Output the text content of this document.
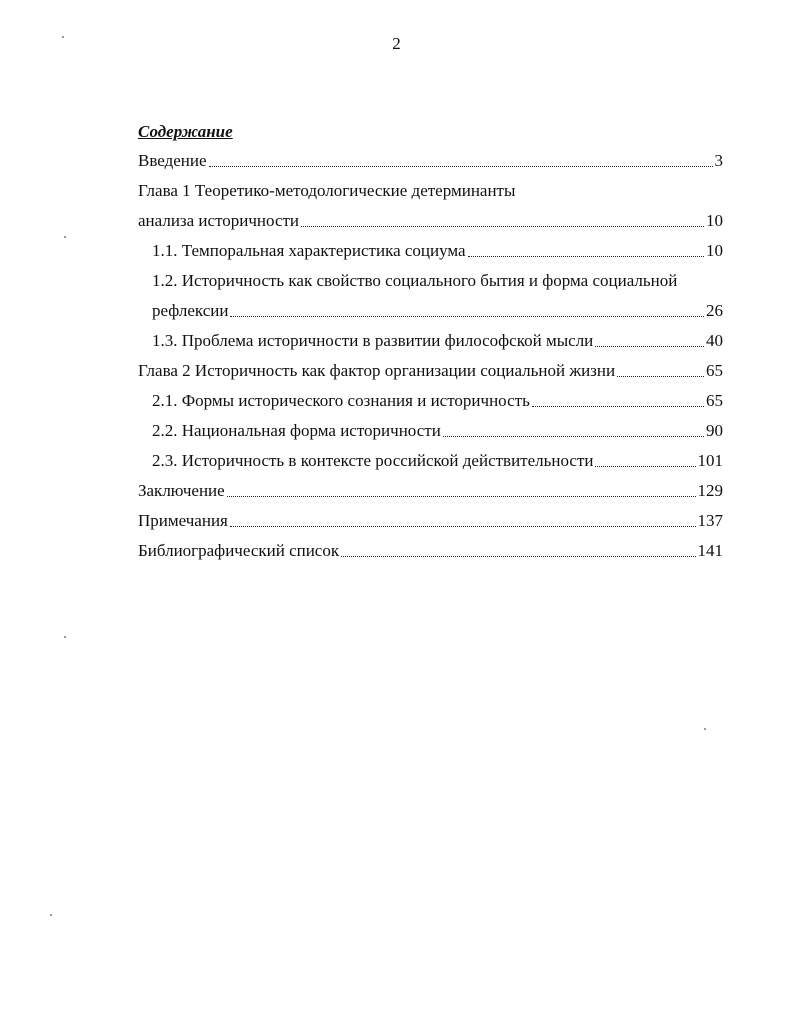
2
Содержание
Введение	3
Глава 1 Теоретико-методологические детерминанты
анализа историчности	10
1.1. Темпоральная характеристика социума	10
1.2. Историчность как свойство социального бытия и форма социальной
рефлексии	26
1.3. Проблема историчности в развитии философской мысли	40
Глава 2 Историчность как фактор организации социальной жизни	65
2.1. Формы исторического сознания и историчность	65
2.2. Национальная форма историчности	90
2.3. Историчность в контексте российской действительности	101
Заключение	129
Примечания	137
Библиографический список	141
